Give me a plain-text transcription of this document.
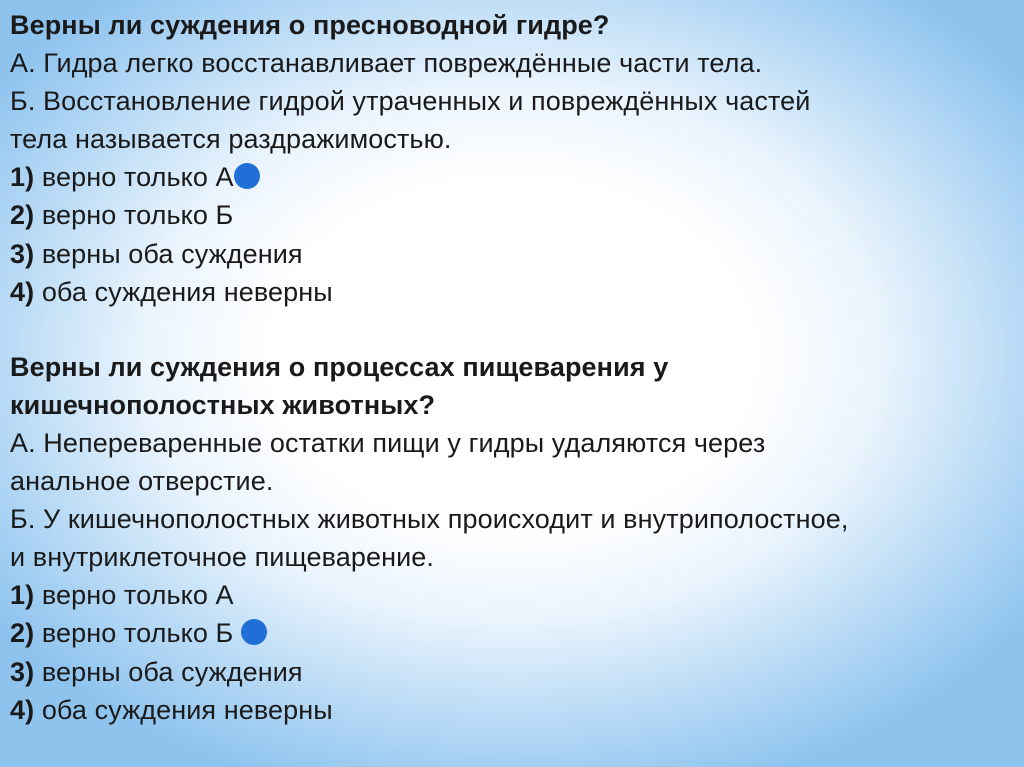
Верны ли суждения о пресноводной гидре?
А. Гидра легко восстанавливает повреждённые части тела.
Б. Восстановление гидрой утраченных и повреждённых частей
тела называется раздражимостью.
1) верно только А
2) верно только Б
3) верны оба суждения
4) оба суждения неверны
Верны ли суждения о процессах пищеварения у
кишечнополостных животных?
А. Непереваренные остатки пищи у гидры удаляются через
анальное отверстие.
Б. У кишечнополостных животных происходит и внутриполостное,
и внутриклеточное пищеварение.
1) верно только А
2) верно только Б
3) верны оба суждения
4) оба суждения неверны
